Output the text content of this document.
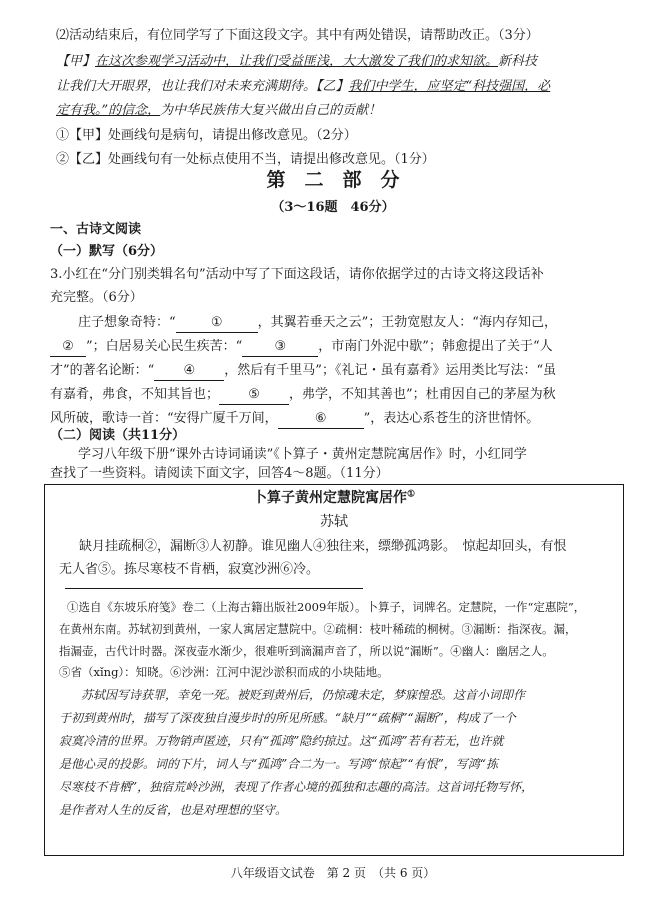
⑵活动结束后，有位同学写了下面这段文字。其中有两处错误，请帮助改正。（3分）
【甲】在这次参观学习活动中，让我们受益匪浅，大大激发了我们的求知欲。新科技
让我们大开眼界，也让我们对未来充满期待。【乙】我们中学生，应坚定“科技强国，必
定有我。”的信念，为中华民族伟大复兴做出自己的贡献！
①【甲】处画线句是病句，请提出修改意见。（2分）
②【乙】处画线句有一处标点使用不当，请提出修改意见。（1分）
第　二　部　分
（3～16题　46分）
一、古诗文阅读
（一）默写（6分）
3.小红在“分门别类辑名句”活动中写了下面这段话，请你依据学过的古诗文将这段话补
充完整。（6分）
庄子想象奇特：“	①	，其翼若垂天之云”；王勃宽慰友人：“海内存知己，
② ”；白居易关心民生疾苦：“ ③ ，市南门外泥中歇”；韩愈提出了关于“人
才”的著名论断：“ ④ ，然后有千里马”；《礼记・虽有嘉肴》运用类比写法：“虽
有嘉肴，弗食，不知其旨也； ⑤ ，弗学，不知其善也”；杜甫因自己的茅屋为秋
风所破，歌诗一首：“安得广厦千万间，	⑥	”，表达心系苍生的济世情怀。
（二）阅读（共11分）
学习八年级下册“课外古诗词诵读”《卜算子・黄州定慧院寓居作》时，小红同学
卜算子黄州定慧院寓居作①
苏轼
缺月挂疏桐②，漏断③人初静。谁见幽人④独往来，缥缈孤鸿影。　惊起却回头，有恨
无人省⑤。拣尽寒枝不肯栖，寂寞沙洲⑥冷。
①选自《东坡乐府笺》卷二（上海古籍出版社2009年版）。卜算子，词牌名。定慧院，一作“定惠院”，
在黄州东南。苏轼初到黄州，一家人寓居定慧院中。②疏桐：枝叶稀疏的桐树。③漏断：指深夜。漏，
指漏壶，古代计时器。深夜壶水渐少，很难听到滴漏声音了，所以说“漏断”。④幽人：幽居之人。
⑤省（xǐng）：知晓。⑥沙洲：江河中泥沙淤积而成的小块陆地。
苏轼因写诗获罪，幸免一死。被贬到黄州后，仍惊魂未定，梦寐惶恐。这首小词即作
于初到黄州时，描写了深夜独自漫步时的所见所感。“缺月”“疏桐”“漏断”，构成了一个
寂寞冷清的世界。万物销声匿迹，只有“孤鸿”隐约掠过。这“孤鸿”若有若无，也许就
是他心灵的投影。词的下片，词人与“孤鸿”合二为一。写鸿“惊起”“有恨”，写鸿“拣
尽寒枝不肯栖”，独宿荒岭沙洲，表现了作者心境的孤独和志趣的高洁。这首词托物写怀，
是作者对人生的反省，也是对理想的坚守。
查找了一些资料。请阅读下面文字，回答4～8题。（11分）
八年级语文试卷　第 2 页　（共 6 页）
